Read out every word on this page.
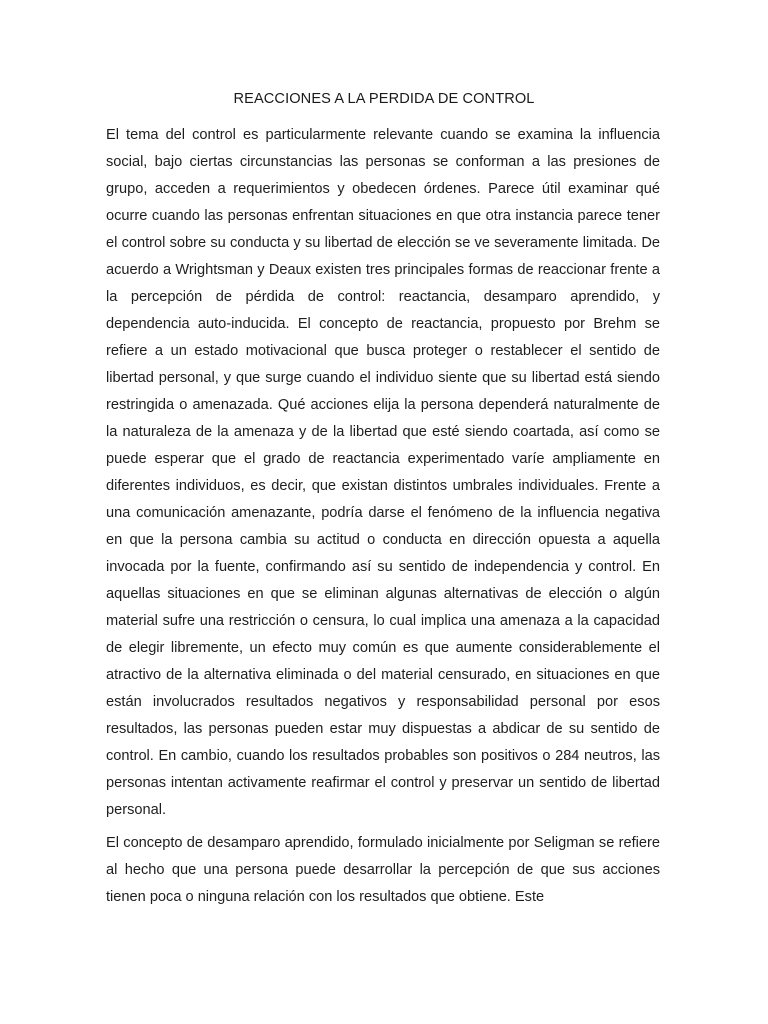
REACCIONES A LA PERDIDA DE CONTROL

El tema del control es particularmente relevante cuando se examina la influencia social, bajo ciertas circunstancias las personas se conforman a las presiones de grupo, acceden a requerimientos y obedecen órdenes. Parece útil examinar qué ocurre cuando las personas enfrentan situaciones en que otra instancia parece tener el control sobre su conducta y su libertad de elección se ve severamente limitada. De acuerdo a Wrightsman y Deaux existen tres principales formas de reaccionar frente a la percepción de pérdida de control: reactancia, desamparo aprendido, y dependencia auto-inducida. El concepto de reactancia, propuesto por Brehm se refiere a un estado motivacional que busca proteger o restablecer el sentido de libertad personal, y que surge cuando el individuo siente que su libertad está siendo restringida o amenazada. Qué acciones elija la persona dependerá naturalmente de la naturaleza de la amenaza y de la libertad que esté siendo coartada, así como se puede esperar que el grado de reactancia experimentado varíe ampliamente en diferentes individuos, es decir, que existan distintos umbrales individuales. Frente a una comunicación amenazante, podría darse el fenómeno de la influencia negativa en que la persona cambia su actitud o conducta en dirección opuesta a aquella invocada por la fuente, confirmando así su sentido de independencia y control. En aquellas situaciones en que se eliminan algunas alternativas de elección o algún material sufre una restricción o censura, lo cual implica una amenaza a la capacidad de elegir libremente, un efecto muy común es que aumente considerablemente el atractivo de la alternativa eliminada o del material censurado, en situaciones en que están involucrados resultados negativos y responsabilidad personal por esos resultados, las personas pueden estar muy dispuestas a abdicar de su sentido de control. En cambio, cuando los resultados probables son positivos o 284 neutros, las personas intentan activamente reafirmar el control y preservar un sentido de libertad personal.

El concepto de desamparo aprendido, formulado inicialmente por Seligman se refiere al hecho que una persona puede desarrollar la percepción de que sus acciones tienen poca o ninguna relación con los resultados que obtiene. Este
